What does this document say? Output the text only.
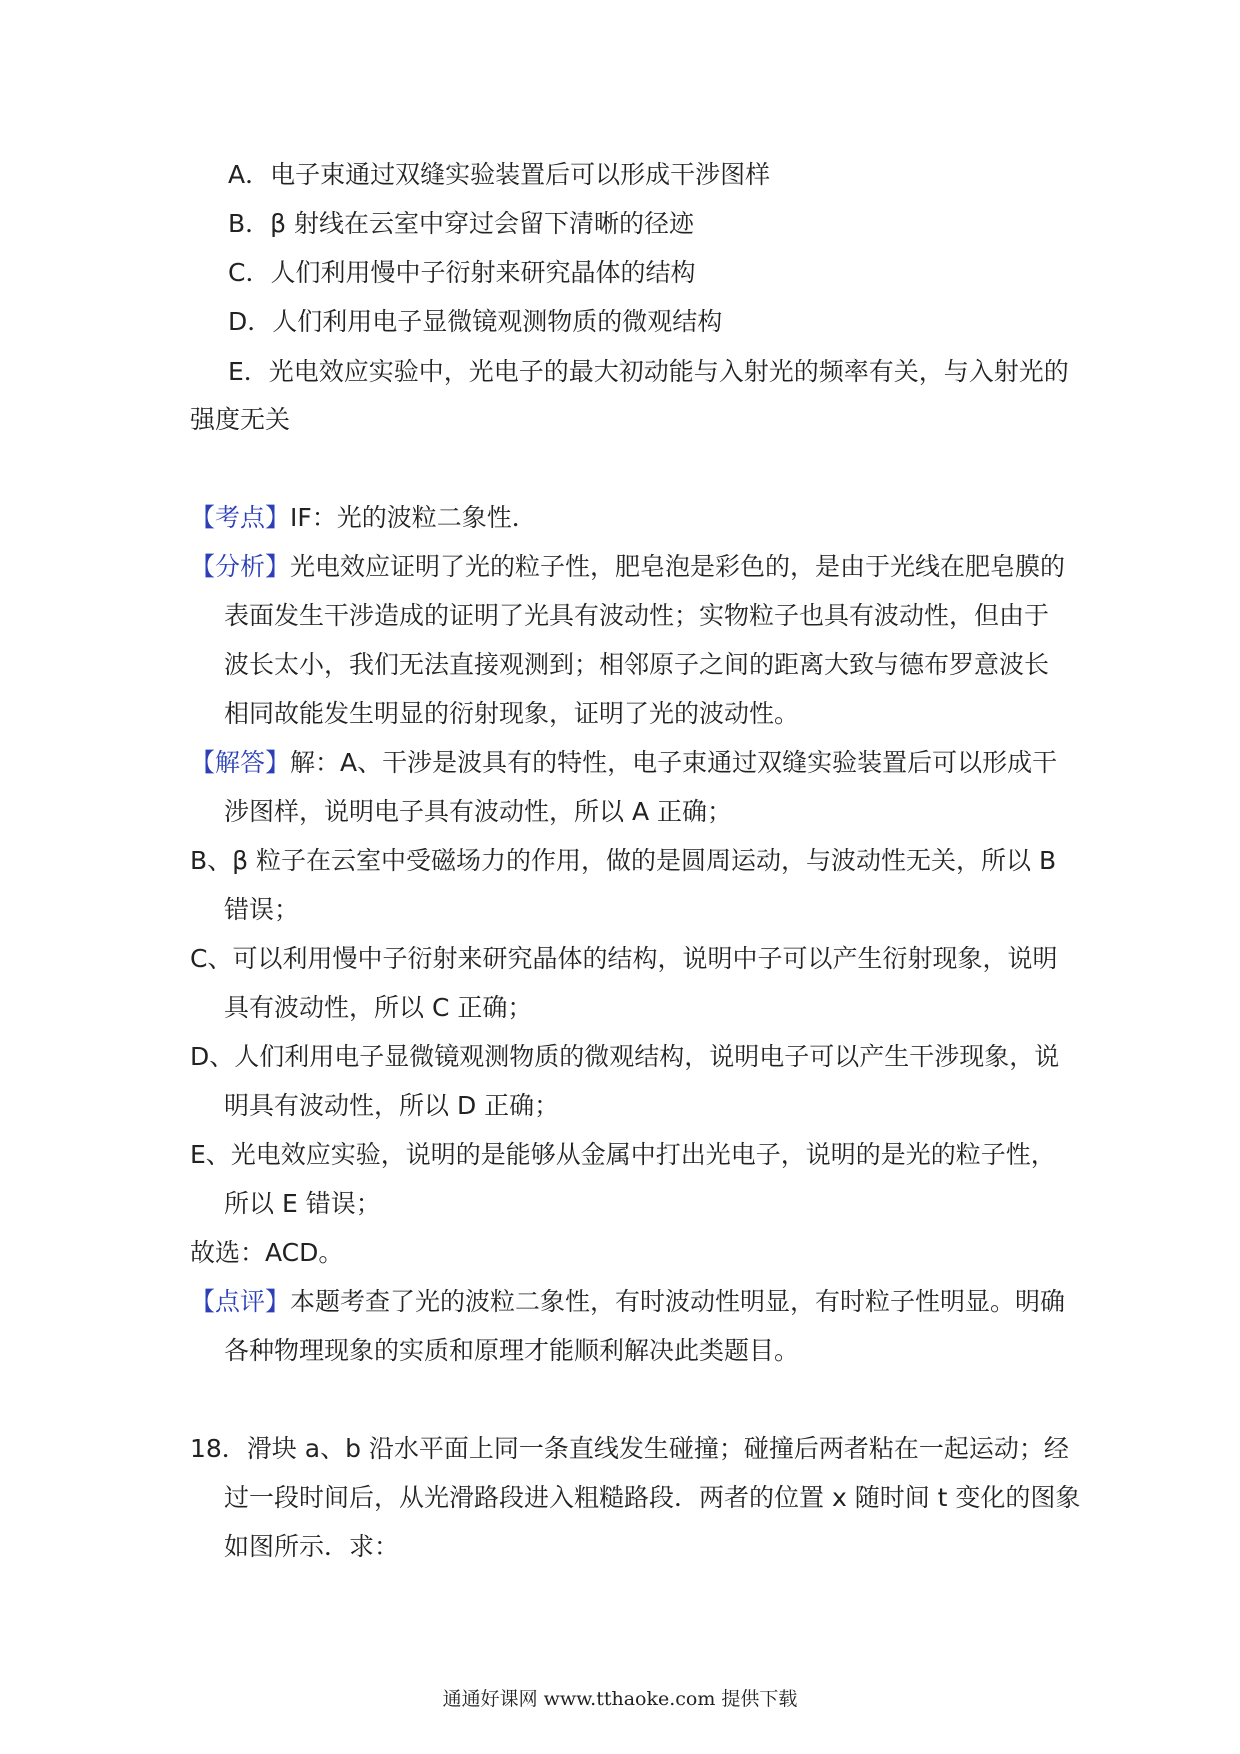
A．电子束通过双缝实验装置后可以形成干涉图样
B．β 射线在云室中穿过会留下清晰的径迹
C．人们利用慢中子衍射来研究晶体的结构
D．人们利用电子显微镜观测物质的微观结构
E．光电效应实验中，光电子的最大初动能与入射光的频率有关，与入射光的
强度无关
【考点】IF：光的波粒二象性．
【分析】光电效应证明了光的粒子性，肥皂泡是彩色的，是由于光线在肥皂膜的
表面发生干涉造成的证明了光具有波动性；实物粒子也具有波动性，但由于
波长太小，我们无法直接观测到；相邻原子之间的距离大致与德布罗意波长
相同故能发生明显的衍射现象，证明了光的波动性。
【解答】解：A、干涉是波具有的特性，电子束通过双缝实验装置后可以形成干
涉图样，说明电子具有波动性，所以 A 正确；
B、β 粒子在云室中受磁场力的作用，做的是圆周运动，与波动性无关，所以 B
错误；
C、可以利用慢中子衍射来研究晶体的结构，说明中子可以产生衍射现象，说明
具有波动性，所以 C 正确；
D、人们利用电子显微镜观测物质的微观结构，说明电子可以产生干涉现象，说
明具有波动性，所以 D 正确；
E、光电效应实验，说明的是能够从金属中打出光电子，说明的是光的粒子性，
所以 E 错误；
故选：ACD。
【点评】本题考查了光的波粒二象性，有时波动性明显，有时粒子性明显。明确
各种物理现象的实质和原理才能顺利解决此类题目。
18．滑块 a、b 沿水平面上同一条直线发生碰撞；碰撞后两者粘在一起运动；经
过一段时间后，从光滑路段进入粗糙路段．两者的位置 x 随时间 t 变化的图象
如图所示．求：
通通好课网 www.tthaoke.com 提供下载
